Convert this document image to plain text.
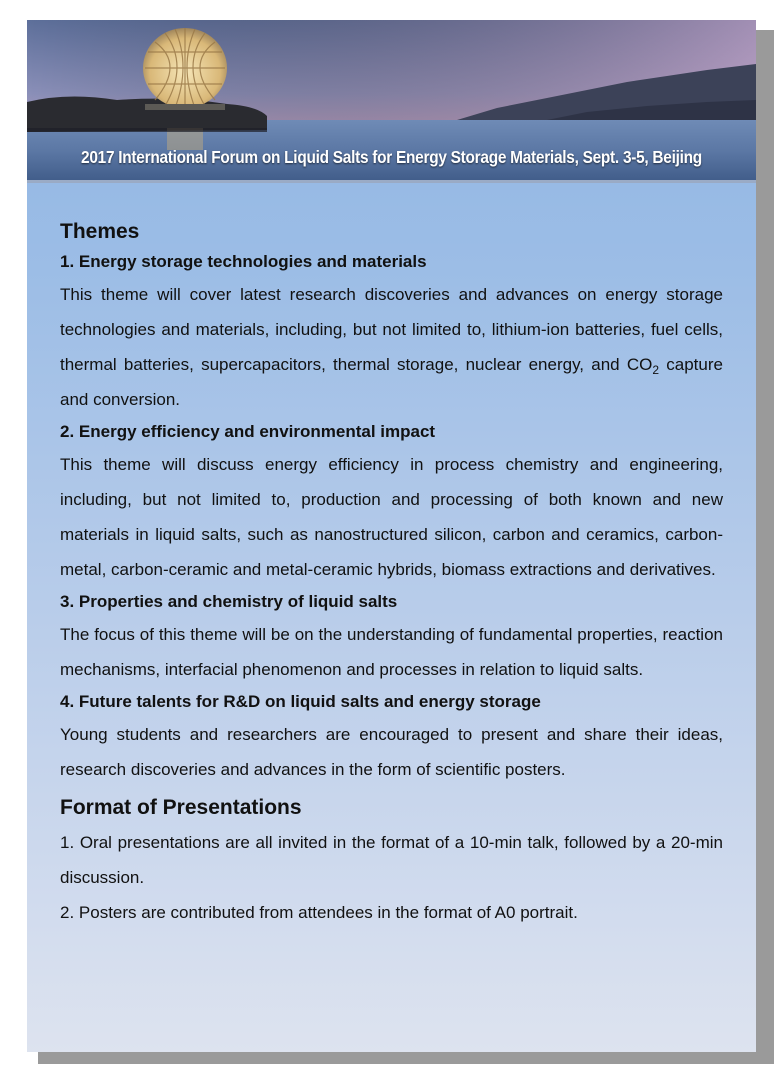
2017 International Forum on Liquid Salts for Energy Storage Materials, Sept. 3-5, Beijing
Themes
1. Energy storage technologies and materials

This theme will cover latest research discoveries and advances on energy storage technologies and materials, including, but not limited to, lithium-ion batteries, fuel cells, thermal batteries, supercapacitors, thermal storage, nuclear energy, and $CO_2$ capture and conversion.

2. Energy efficiency and environmental impact

This theme will discuss energy efficiency in process chemistry and engineering, including, but not limited to, production and processing of both known and new materials in liquid salts, such as nanostructured silicon, carbon and ceramics, carbon-metal, carbon-ceramic and metal-ceramic hybrids, biomass extractions and derivatives.

3. Properties and chemistry of liquid salts

The focus of this theme will be on the understanding of fundamental properties, reaction mechanisms, interfacial phenomenon and processes in relation to liquid salts.

4. Future talents for R&D on liquid salts and energy storage

Young students and researchers are encouraged to present and share their ideas, research discoveries and advances in the form of scientific posters.

Format of Presentations

1. Oral presentations are all invited in the format of a 10-min talk, followed by a 20-min discussion.

2. Posters are contributed from attendees in the format of A0 portrait.
